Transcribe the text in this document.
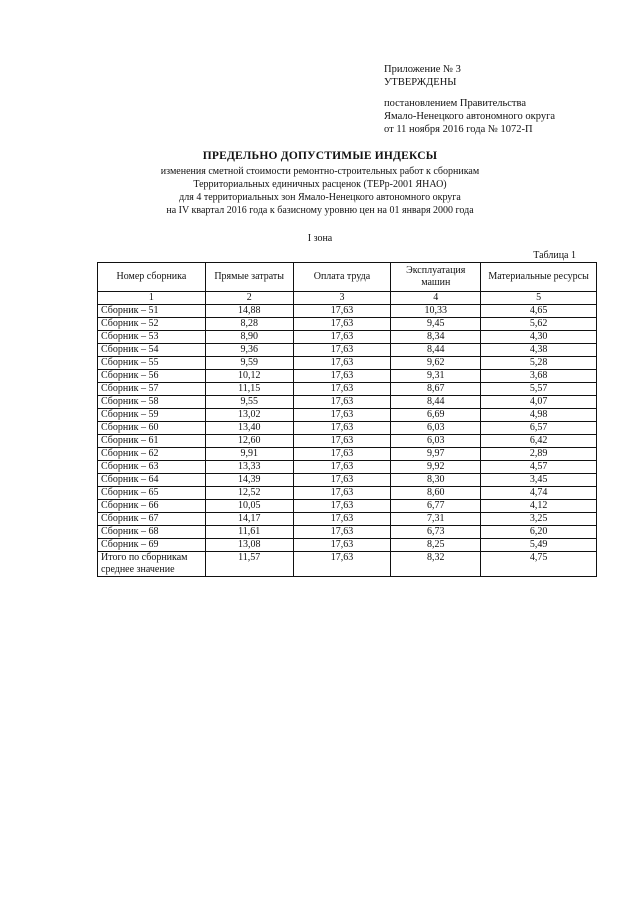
Приложение № 3
УТВЕРЖДЕНЫ
постановлением Правительства
Ямало-Ненецкого автономного округа
от 11 ноября 2016 года № 1072-П
ПРЕДЕЛЬНО ДОПУСТИМЫЕ ИНДЕКСЫ
изменения сметной стоимости ремонтно-строительных работ к сборникам
Территориальных единичных расценок (ТЕРр-2001 ЯНАО)
для 4 территориальных зон Ямало-Ненецкого автономного округа
на IV квартал 2016 года к базисному уровню цен на 01 января 2000 года
I зона
Таблица 1
Номер сборника	Прямые затраты	Оплата труда	Эксплуатация машин	Материальные ресурсы
1	2	3	4	5
Сборник – 51	14,88	17,63	10,33	4,65
Сборник – 52	8,28	17,63	9,45	5,62
Сборник – 53	8,90	17,63	8,34	4,30
Сборник – 54	9,36	17,63	8,44	4,38
Сборник – 55	9,59	17,63	9,62	5,28
Сборник – 56	10,12	17,63	9,31	3,68
Сборник – 57	11,15	17,63	8,67	5,57
Сборник – 58	9,55	17,63	8,44	4,07
Сборник – 59	13,02	17,63	6,69	4,98
Сборник – 60	13,40	17,63	6,03	6,57
Сборник – 61	12,60	17,63	6,03	6,42
Сборник – 62	9,91	17,63	9,97	2,89
Сборник – 63	13,33	17,63	9,92	4,57
Сборник – 64	14,39	17,63	8,30	3,45
Сборник – 65	12,52	17,63	8,60	4,74
Сборник – 66	10,05	17,63	6,77	4,12
Сборник – 67	14,17	17,63	7,31	3,25
Сборник – 68	11,61	17,63	6,73	6,20
Сборник – 69	13,08	17,63	8,25	5,49
Итого по сборникам среднее значение	11,57	17,63	8,32	4,75
